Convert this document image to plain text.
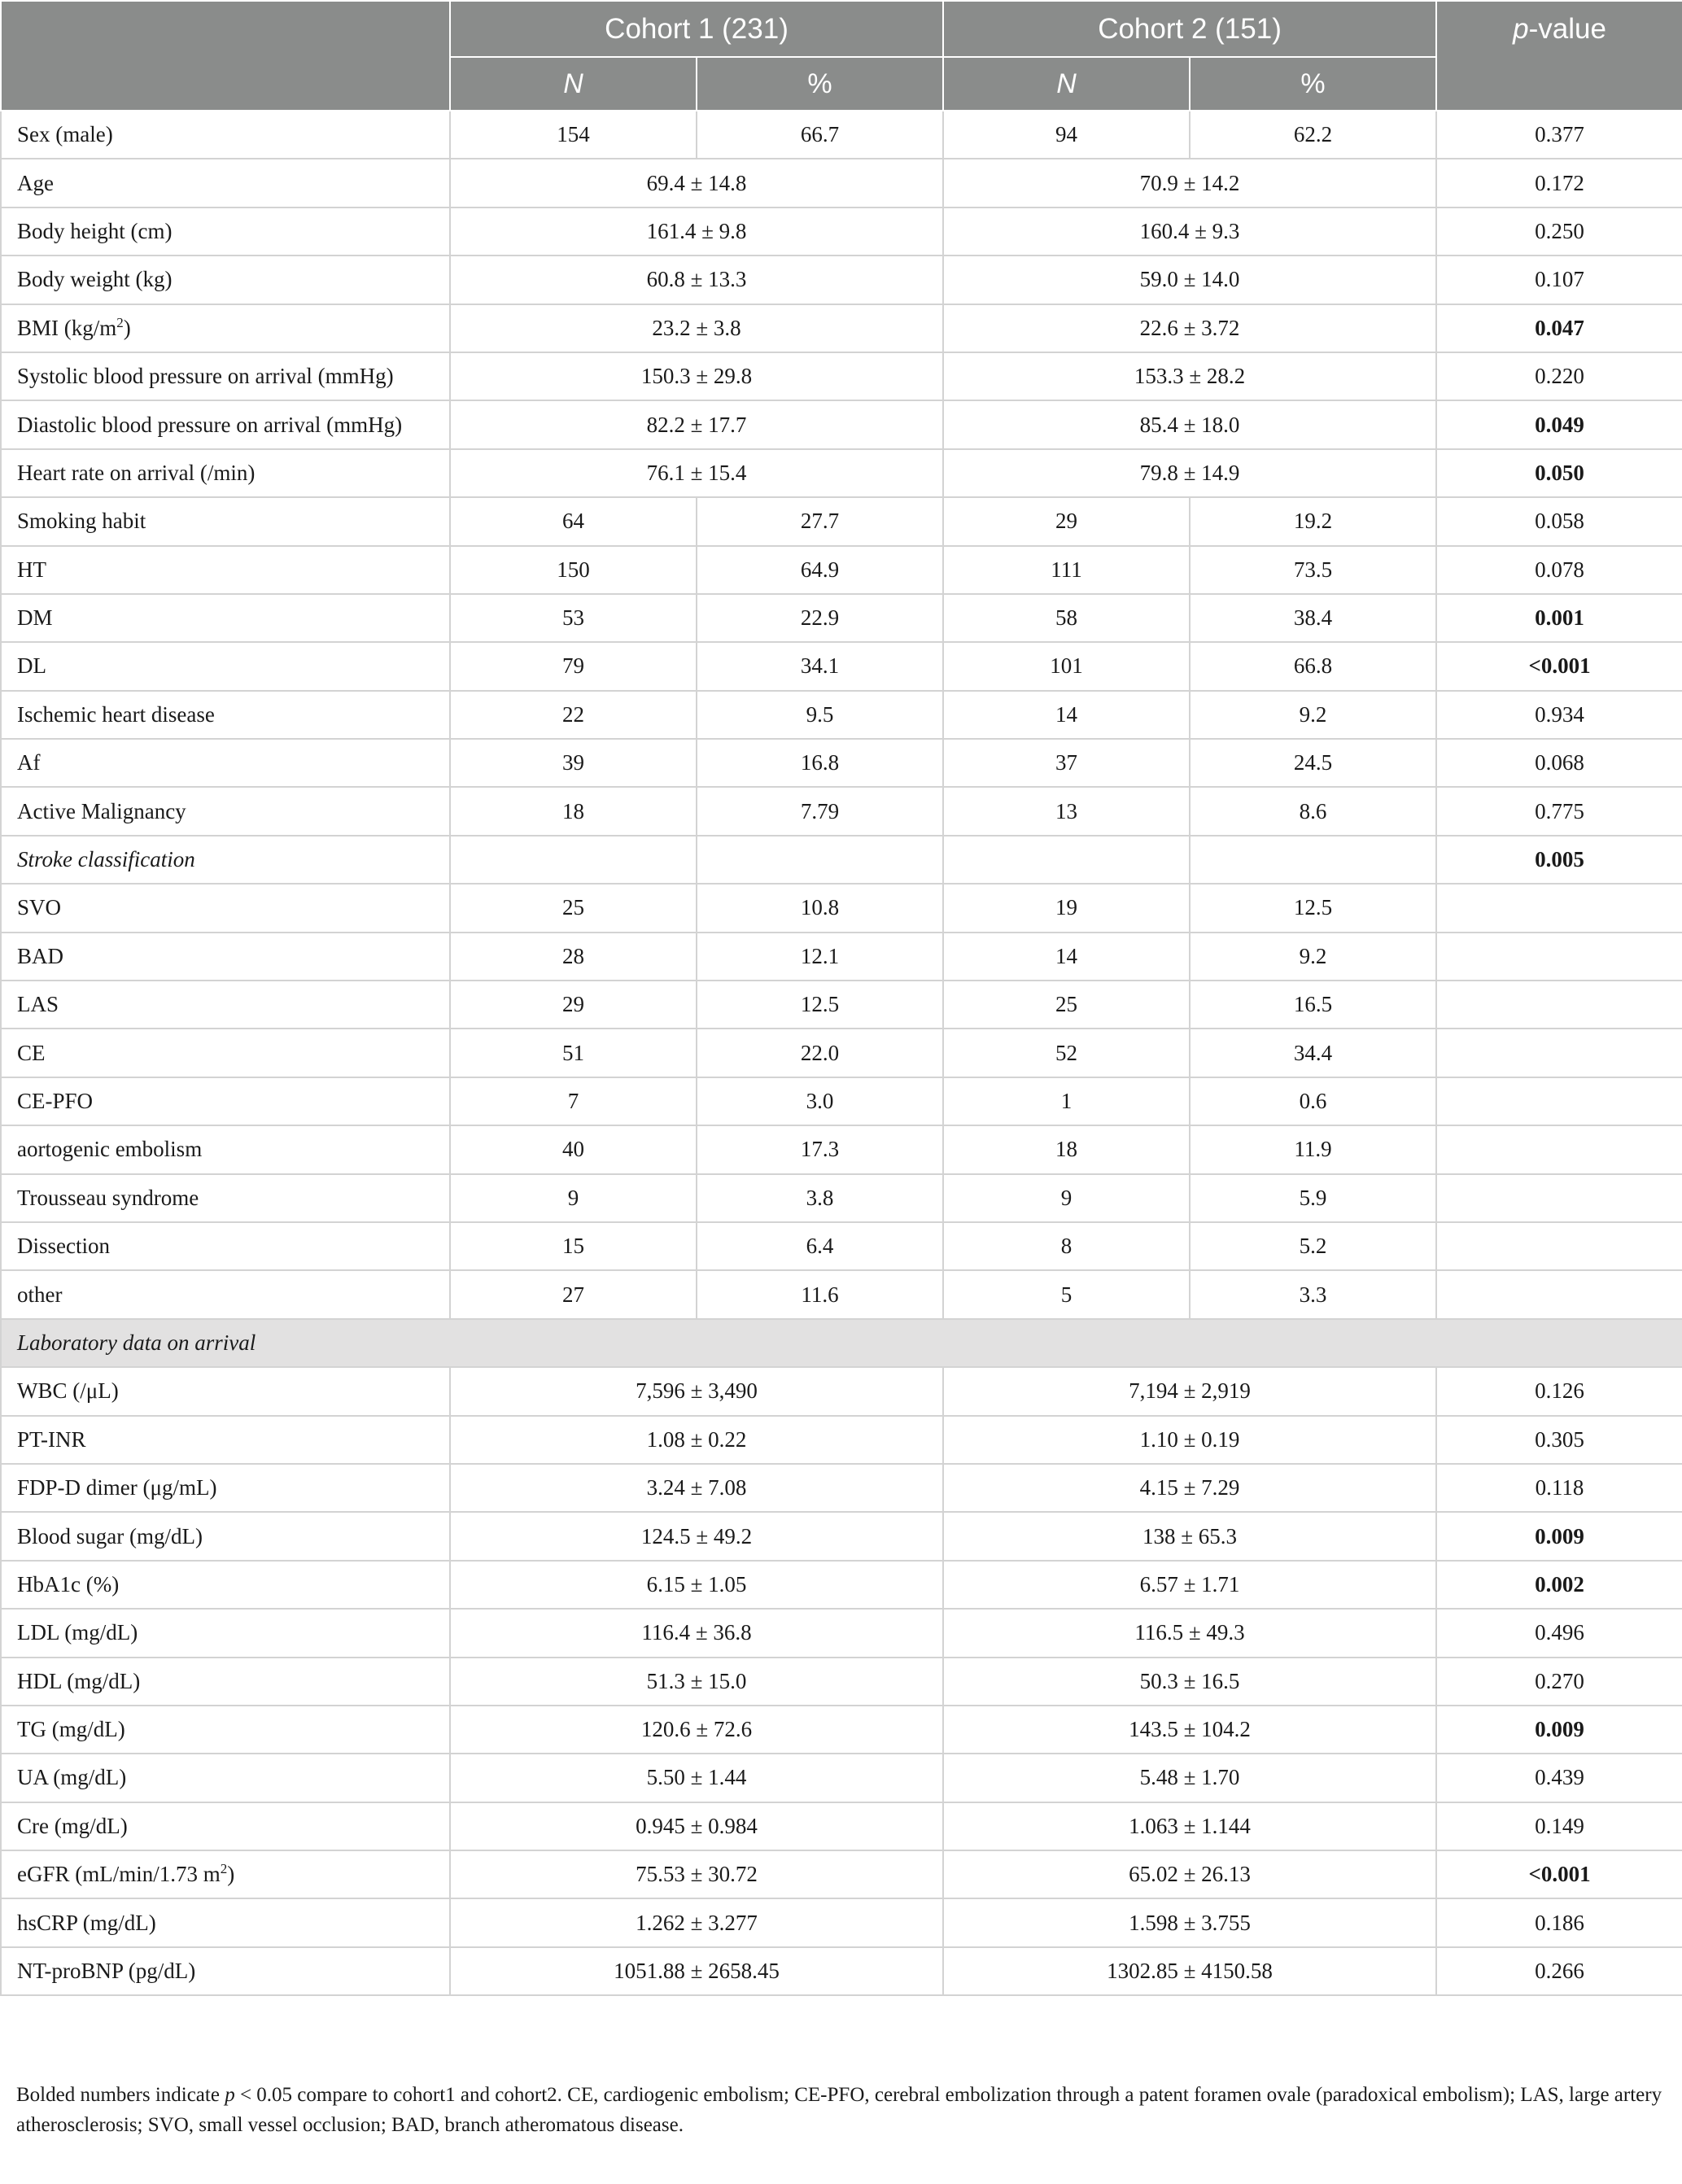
	Cohort 1 (231)		Cohort 2 (151)		p-value
	N	%	N	%	
Sex (male)	154	66.7	94	62.2	0.377
Age	69.4 ± 14.8		70.9 ± 14.2		0.172
Body height (cm)	161.4 ± 9.8		160.4 ± 9.3		0.250
Body weight (kg)	60.8 ± 13.3		59.0 ± 14.0		0.107
BMI $(kg/m^2)$	23.2 ± 3.8		22.6 ± 3.72		0.047
Systolic blood pressure on arrival (mmHg)	150.3 ± 29.8		153.3 ± 28.2		0.220
Diastolic blood pressure on arrival (mmHg)	82.2 ± 17.7		85.4 ± 18.0		0.049
Heart rate on arrival (/min)	76.1 ± 15.4		79.8 ± 14.9		0.050
Smoking habit	64	27.7	29	19.2	0.058
HT	150	64.9	111	73.5	0.078
DM	53	22.9	58	38.4	0.001
DL	79	34.1	101	66.8	<0.001
Ischemic heart disease	22	9.5	14	9.2	0.934
Af	39	16.8	37	24.5	0.068
Active Malignancy	18	7.79	13	8.6	0.775
Stroke classification					0.005
SVO	25	10.8	19	12.5	
BAD	28	12.1	14	9.2	
LAS	29	12.5	25	16.5	
CE	51	22.0	52	34.4	
CE-PFO	7	3.0	1	0.6	
aortogenic embolism	40	17.3	18	11.9	
Trousseau syndrome	9	3.8	9	5.9	
Dissection	15	6.4	8	5.2	
other	27	11.6	5	3.3	
Laboratory data on arrival					
WBC (/μL)	7,596 ± 3,490		7,194 ± 2,919		0.126
PT-INR	1.08 ± 0.22		1.10 ± 0.19		0.305
FDP-D dimer (μg/mL)	3.24 ± 7.08		4.15 ± 7.29		0.118
Blood sugar (mg/dL)	124.5 ± 49.2		138 ± 65.3		0.009
HbA1c (%)	6.15 ± 1.05		6.57 ± 1.71		0.002
LDL (mg/dL)	116.4 ± 36.8		116.5 ± 49.3		0.496
HDL (mg/dL)	51.3 ± 15.0		50.3 ± 16.5		0.270
TG (mg/dL)	120.6 ± 72.6		143.5 ± 104.2		0.009
UA (mg/dL)	5.50 ± 1.44		5.48 ± 1.70		0.439
Cre (mg/dL)	0.945 ± 0.984		1.063 ± 1.144		0.149
eGFR (mL/min/1.73 $m^2$)	75.53 ± 30.72		65.02 ± 26.13		<0.001
hsCRP (mg/dL)	1.262 ± 3.277		1.598 ± 3.755		0.186
NT-proBNP (pg/dL)	1051.88 ± 2658.45		1302.85 ± 4150.58		0.266
Bolded numbers indicate p < 0.05 compare to cohort1 and cohort2. CE, cardiogenic embolism; CE-PFO, cerebral embolization through a patent foramen ovale (paradoxical embolism); LAS, large artery atherosclerosis; SVO, small vessel occlusion; BAD, branch atheromatous disease.
